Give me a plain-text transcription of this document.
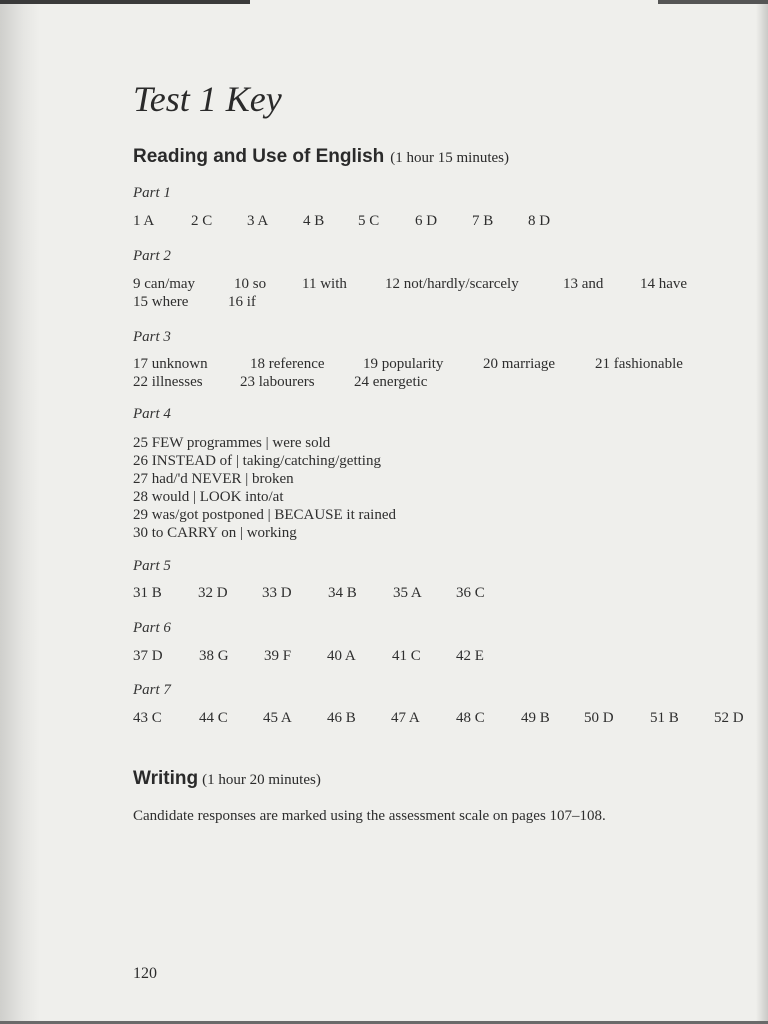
Test 1 Key
Reading and Use of English (1 hour 15 minutes)
Part 1
1 A 2 C 3 A 4 B 5 C 6 D 7 B 8 D
Part 2
9 can/may	10 so 11 with	12 not/hardly/scarcely	13 and 14 have
15 where	16 if
Part 3
17 unknown	18 reference	19 popularity	20 marriage	21 fashionable
22 illnesses 23 labourers	24 energetic
Part 4
25 FEW programmes | were sold
26 INSTEAD of | taking/catching/getting
27 had/'d NEVER | broken
28 would | LOOK into/at
29 was/got postponed | BECAUSE it rained
30 to CARRY on | working
Part 5
31 B 32 D 33 D 34 B 35 A 36 C
Part 6
37 D 38 G 39 F 40 A 41 C 42 E
Part 7
43 C 44 C 45 A 46 B 47 A 48 C 49 B 50 D 51 B 52 D
Writing (1 hour 20 minutes)
Candidate responses are marked using the assessment scale on pages 107–108.
120
